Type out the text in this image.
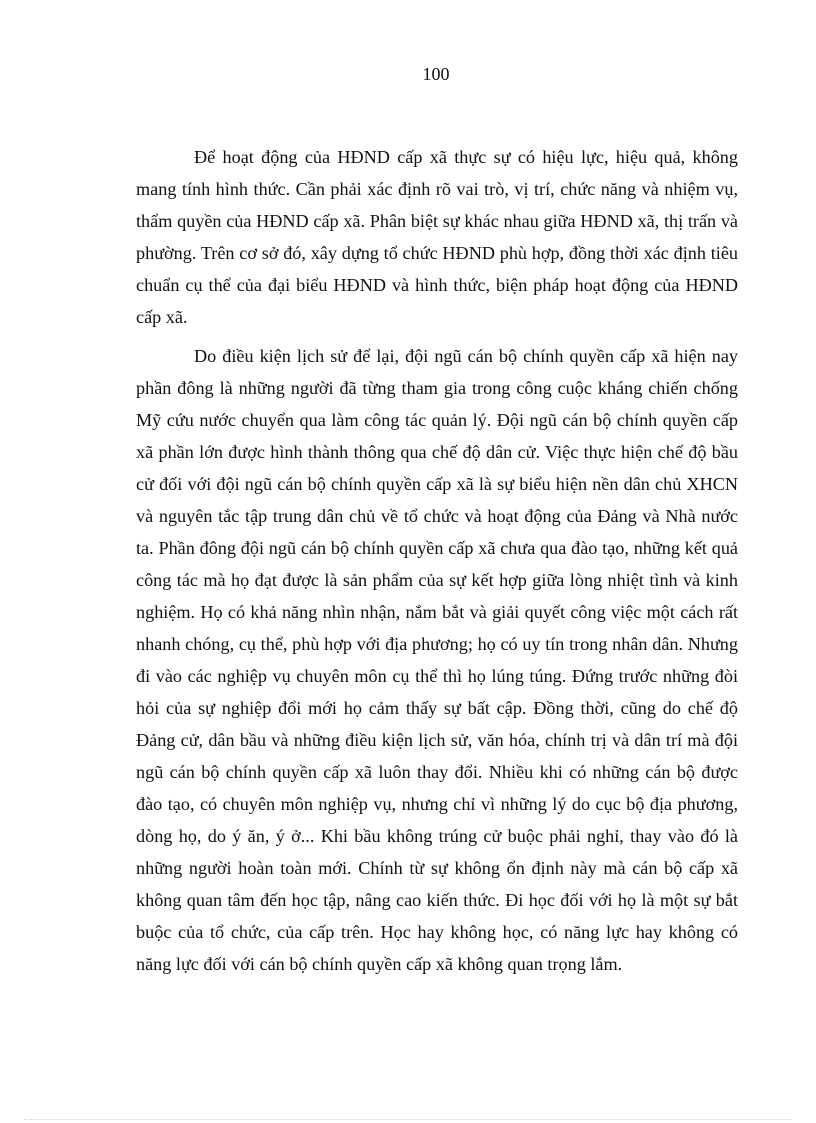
100

Để hoạt động của HĐND cấp xã thực sự có hiệu lực, hiệu quả, không mang tính hình thức. Cần phải xác định rõ vai trò, vị trí, chức năng và nhiệm vụ, thẩm quyền của HĐND cấp xã. Phân biệt sự khác nhau giữa HĐND xã, thị trấn và phường. Trên cơ sở đó, xây dựng tổ chức HĐND phù hợp, đồng thời xác định tiêu chuẩn cụ thể của đại biểu HĐND và hình thức, biện pháp hoạt động của HĐND cấp xã.

Do điều kiện lịch sử để lại, đội ngũ cán bộ chính quyền cấp xã hiện nay phần đông là những người đã từng tham gia trong công cuộc kháng chiến chống Mỹ cứu nước chuyển qua làm công tác quản lý. Đội ngũ cán bộ chính quyền cấp xã phần lớn được hình thành thông qua chế độ dân cử. Việc thực hiện chế độ bầu cử đối với đội ngũ cán bộ chính quyền cấp xã là sự biểu hiện nền dân chủ XHCN và nguyên tắc tập trung dân chủ về tổ chức và hoạt động của Đảng và Nhà nước ta. Phần đông đội ngũ cán bộ chính quyền cấp xã chưa qua đào tạo, những kết quả công tác mà họ đạt được là sản phẩm của sự kết hợp giữa lòng nhiệt tình và kinh nghiệm. Họ có khả năng nhìn nhận, nắm bắt và giải quyết công việc một cách rất nhanh chóng, cụ thể, phù hợp với địa phương; họ có uy tín trong nhân dân. Nhưng đi vào các nghiệp vụ chuyên môn cụ thể thì họ lúng túng. Đứng trước những đòi hỏi của sự nghiệp đổi mới họ cảm thấy sự bất cập. Đồng thời, cũng do chế độ Đảng cử, dân bầu và những điều kiện lịch sử, văn hóa, chính trị và dân trí mà đội ngũ cán bộ chính quyền cấp xã luôn thay đổi. Nhiều khi có những cán bộ được đào tạo, có chuyên môn nghiệp vụ, nhưng chỉ vì những lý do cục bộ địa phương, dòng họ, do ý ăn, ý ở... Khi bầu không trúng cử buộc phải nghỉ, thay vào đó là những người hoàn toàn mới. Chính từ sự không ổn định này mà cán bộ cấp xã không quan tâm đến học tập, nâng cao kiến thức. Đi học đối với họ là một sự bắt buộc của tổ chức, của cấp trên. Học hay không học, có năng lực hay không có năng lực đối với cán bộ chính quyền cấp xã không quan trọng lắm.
